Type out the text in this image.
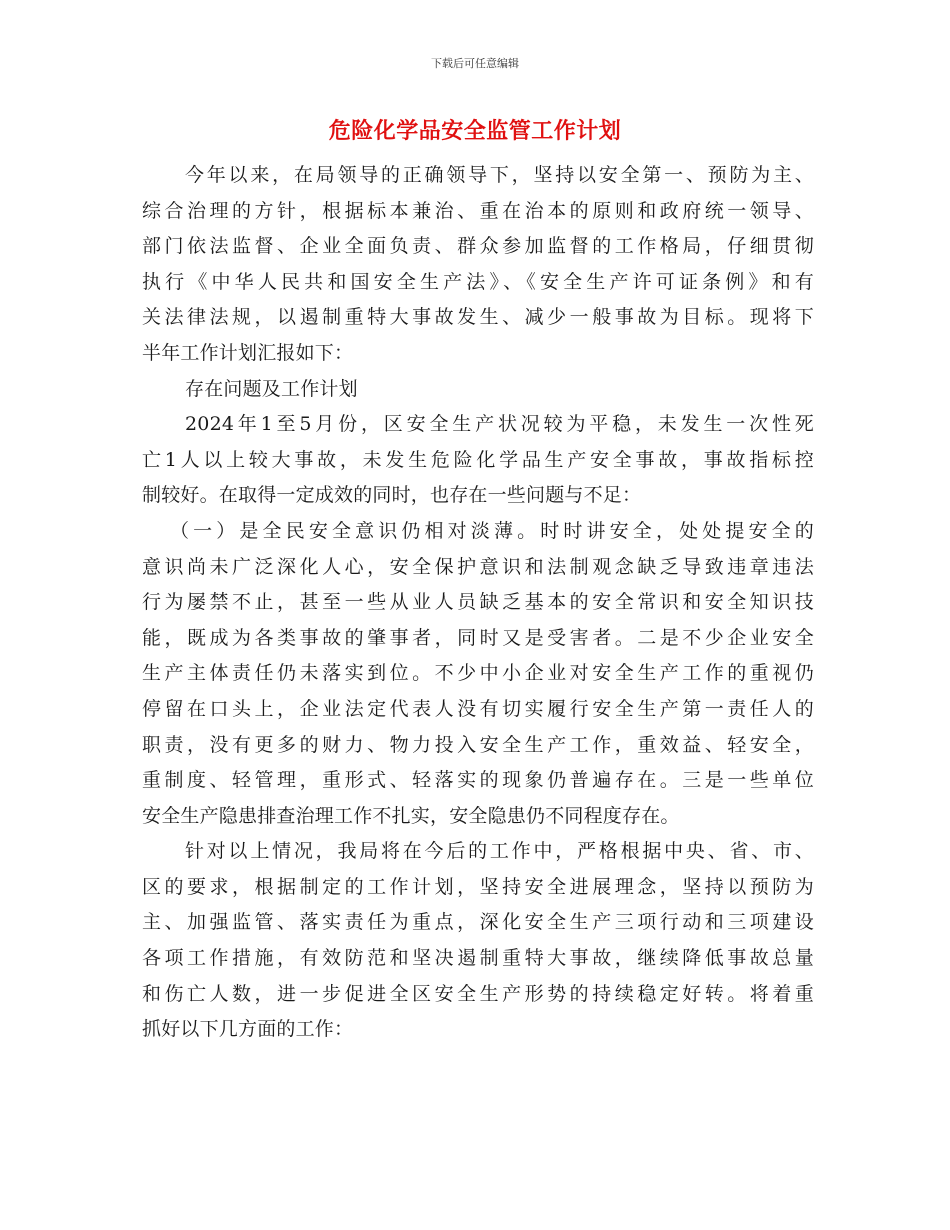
下载后可任意编辑
危险化学品安全监管工作计划
今年以来，在局领导的正确领导下，坚持以安全第一、预防为主、
综合治理的方针，根据标本兼治、重在治本的原则和政府统一领导、
部门依法监督、企业全面负责、群众参加监督的工作格局，仔细贯彻
执行《中华人民共和国安全生产法》、《安全生产许可证条例》和有
关法律法规，以遏制重特大事故发生、减少一般事故为目标。现将下
半年工作计划汇报如下：
存在问题及工作计划
2024年1至5月份，区安全生产状况较为平稳，未发生一次性死
亡1人以上较大事故，未发生危险化学品生产安全事故，事故指标控
制较好。在取得一定成效的同时，也存在一些问题与不足：
（一）是全民安全意识仍相对淡薄。时时讲安全，处处提安全的
意识尚未广泛深化人心，安全保护意识和法制观念缺乏导致违章违法
行为屡禁不止，甚至一些从业人员缺乏基本的安全常识和安全知识技
能，既成为各类事故的肇事者，同时又是受害者。二是不少企业安全
生产主体责任仍未落实到位。不少中小企业对安全生产工作的重视仍
停留在口头上，企业法定代表人没有切实履行安全生产第一责任人的
职责，没有更多的财力、物力投入安全生产工作，重效益、轻安全，
重制度、轻管理，重形式、轻落实的现象仍普遍存在。三是一些单位
安全生产隐患排查治理工作不扎实，安全隐患仍不同程度存在。
针对以上情况，我局将在今后的工作中，严格根据中央、省、市、
区的要求，根据制定的工作计划，坚持安全进展理念，坚持以预防为
主、加强监管、落实责任为重点，深化安全生产三项行动和三项建设
各项工作措施，有效防范和坚决遏制重特大事故，继续降低事故总量
和伤亡人数，进一步促进全区安全生产形势的持续稳定好转。将着重
抓好以下几方面的工作：
